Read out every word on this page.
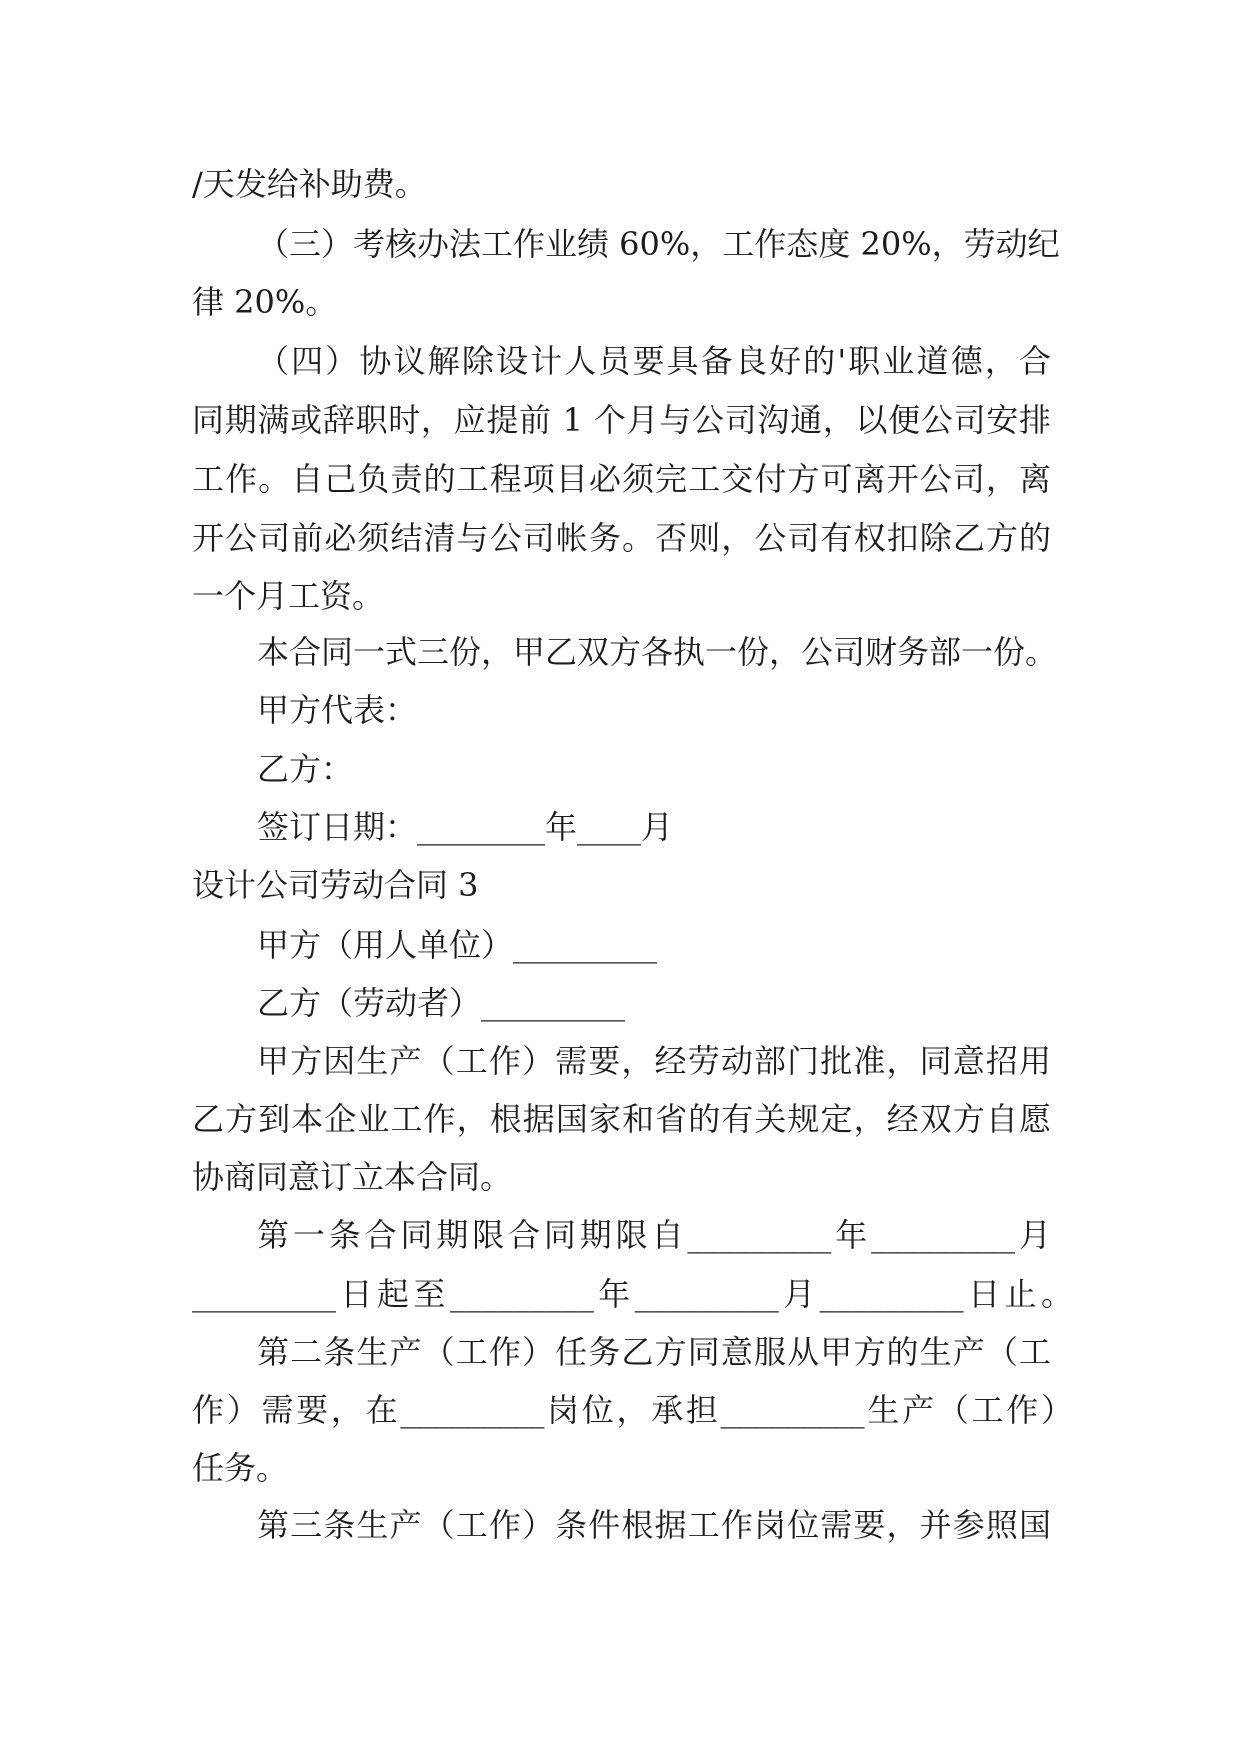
/天发给补助费。
（三）考核办法工作业绩 60%，工作态度 20%，劳动纪
律 20%。
（四）协议解除设计人员要具备良好的'职业道德，合
同期满或辞职时，应提前 1 个月与公司沟通，以便公司安排
工作。自己负责的工程项目必须完工交付方可离开公司，离
开公司前必须结清与公司帐务。否则，公司有权扣除乙方的
一个月工资。
本合同一式三份，甲乙双方各执一份，公司财务部一份。
甲方代表：
乙方：
签订日期：________年____月
设计公司劳动合同 3
甲方（用人单位）_________
乙方（劳动者）_________
甲方因生产（工作）需要，经劳动部门批准，同意招用
乙方到本企业工作，根据国家和省的有关规定，经双方自愿
协商同意订立本合同。
第一条合同期限合同期限自_________年_________月
_________日起至_________年_________月_________日止。
第二条生产（工作）任务乙方同意服从甲方的生产（工
作）需要，在_________岗位，承担_________生产（工作）
任务。
第三条生产（工作）条件根据工作岗位需要，并参照国
